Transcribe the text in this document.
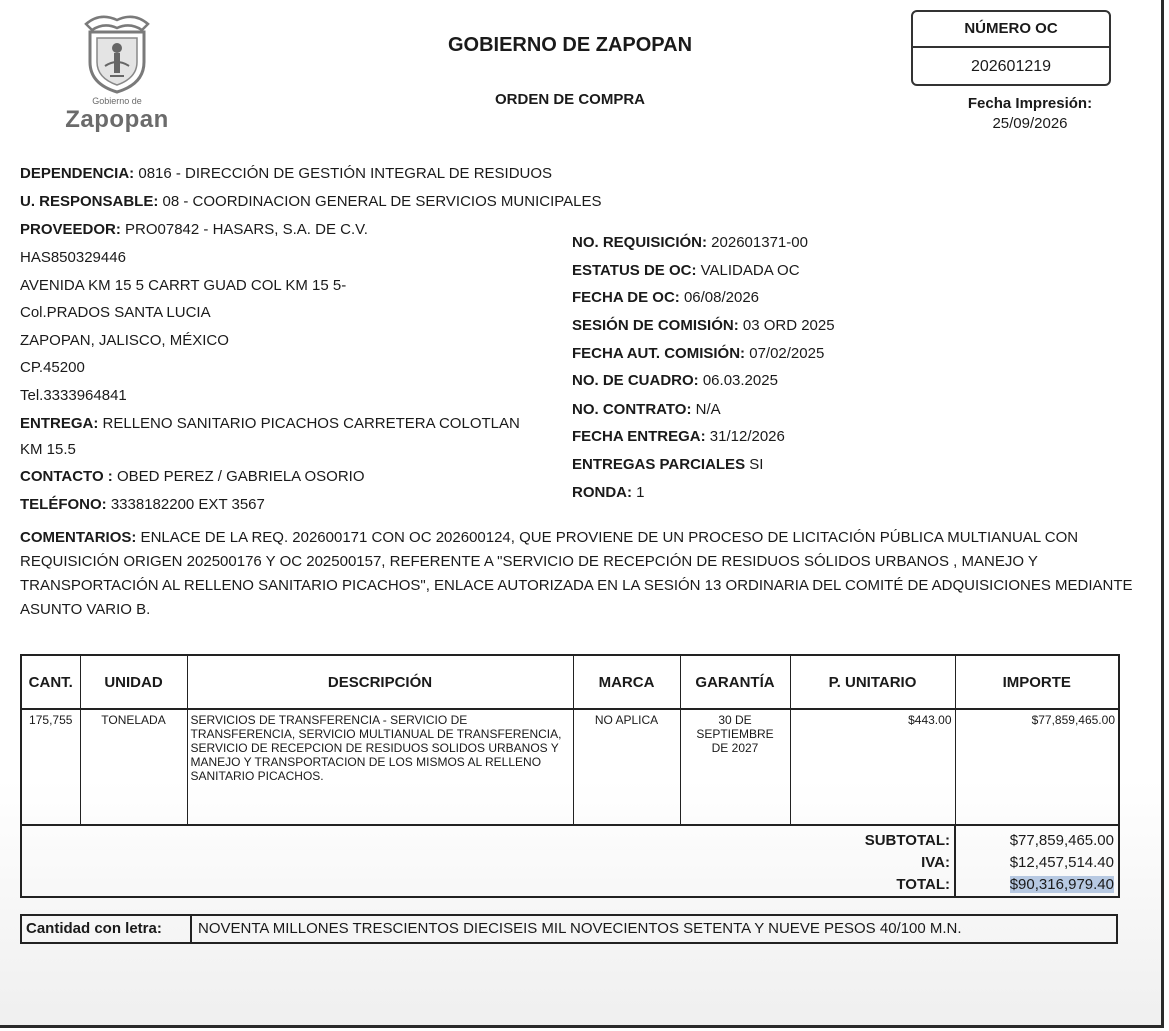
Gobierno de
Zapopan
GOBIERNO DE ZAPOPAN
ORDEN DE COMPRA
NÚMERO OC
202601219
Fecha Impresión:
25/09/2026
DEPENDENCIA: 0816 - DIRECCIÓN DE GESTIÓN INTEGRAL DE RESIDUOS
U. RESPONSABLE: 08 - COORDINACION GENERAL DE SERVICIOS MUNICIPALES
PROVEEDOR: PRO07842 - HASARS, S.A. DE C.V.
HAS850329446
AVENIDA KM 15 5 CARRT GUAD COL KM 15 5-
Col.PRADOS SANTA LUCIA
ZAPOPAN, JALISCO, MÉXICO
CP.45200
Tel.3333964841
ENTREGA: RELLENO SANITARIO PICACHOS CARRETERA COLOTLAN
KM 15.5
CONTACTO : OBED PEREZ / GABRIELA OSORIO
TELÉFONO: 3338182200 EXT 3567
NO. REQUISICIÓN: 202601371-00
ESTATUS DE OC: VALIDADA OC
FECHA DE OC: 06/08/2026
SESIÓN DE COMISIÓN: 03 ORD 2025
FECHA AUT. COMISIÓN: 07/02/2025
NO. DE CUADRO: 06.03.2025
NO. CONTRATO: N/A
FECHA ENTREGA: 31/12/2026
ENTREGAS PARCIALES SI
RONDA: 1
COMENTARIOS: ENLACE DE LA REQ. 202600171 CON OC 202600124, QUE PROVIENE DE UN PROCESO DE LICITACIÓN PÚBLICA MULTIANUAL CON REQUISICIÓN ORIGEN 202500176 Y OC 202500157, REFERENTE A "SERVICIO DE RECEPCIÓN DE RESIDUOS SÓLIDOS URBANOS , MANEJO Y TRANSPORTACIÓN AL RELLENO SANITARIO PICACHOS", ENLACE AUTORIZADA EN LA SESIÓN 13 ORDINARIA DEL COMITÉ DE ADQUISICIONES MEDIANTE ASUNTO VARIO B.
CANT.	UNIDAD	DESCRIPCIÓN	MARCA	GARANTÍA	P. UNITARIO	IMPORTE
175,755	TONELADA	SERVICIOS DE TRANSFERENCIA - SERVICIO DE TRANSFERENCIA, SERVICIO MULTIANUAL DE TRANSFERENCIA, SERVICIO DE RECEPCION DE RESIDUOS SOLIDOS URBANOS Y MANEJO Y TRANSPORTACION DE LOS MISMOS AL RELLENO SANITARIO PICACHOS.	NO APLICA	30 DE SEPTIEMBRE DE 2027	$443.00	$77,859,465.00
SUBTOTAL:						$77,859,465.00
IVA:						$12,457,514.40
TOTAL:						$90,316,979.40
Cantidad con letra:	NOVENTA MILLONES TRESCIENTOS DIECISEIS MIL NOVECIENTOS SETENTA Y NUEVE PESOS 40/100 M.N.
